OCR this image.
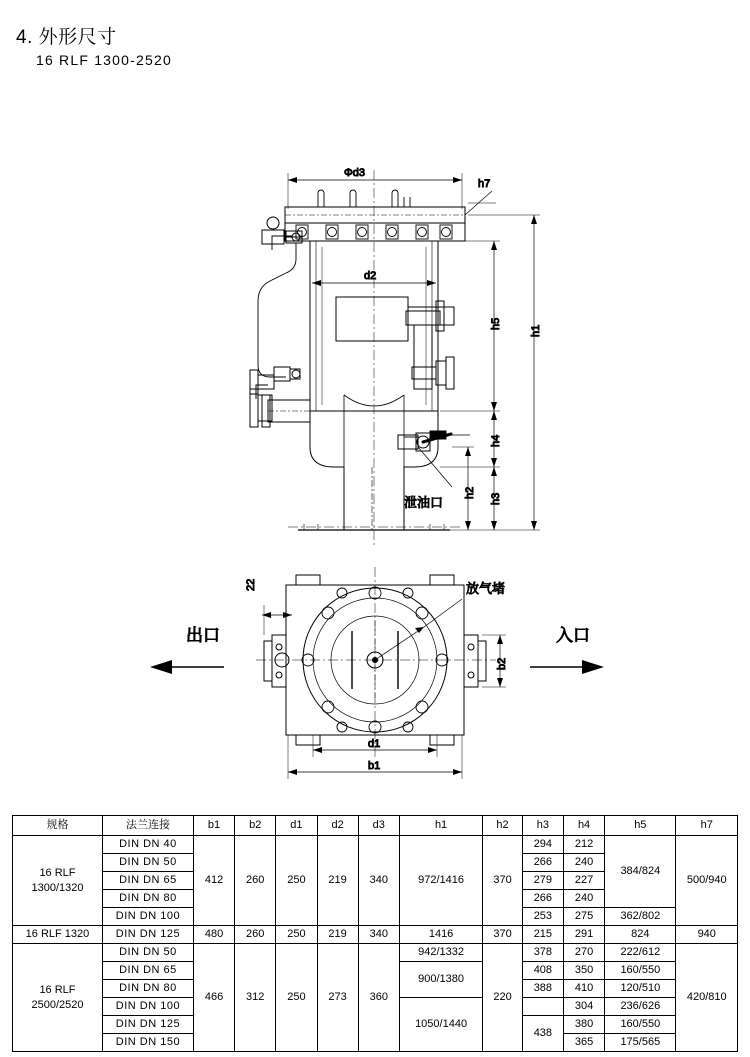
4. 外形尺寸
16 RLF 1300-2520
Φd3
h7
d2
泄油口
h5
h4
h3
h2
h1
放气堵
22
出口	入口
b2
d1
b1
规格	法兰连接	b1	b2	d1	d2	d3	h1	h2	h3	h4	h5	h7
16 RLF
1300/1320	DIN DN 40	412	260	250	219	340	972/1416	370	294	212	384/824	500/940
	DIN DN 50								266	240		
	DIN DN 65								279	227		
	DIN DN 80								266	240		
	DIN DN 100								253	275	362/802	
16 RLF 1320	DIN DN 125	480	260	250	219	340	1416	370	215	291	824	940
16 RLF
2500/2520	DIN DN 50	466	312	250	273	360	942/1332	220	378	270	222/612	420/810
	DIN DN 65						900/1380		408	350	160/550	
	DIN DN 80								388	410	120/510	
	DIN DN 100						1050/1440			304	236/626	
	DIN DN 125								438	380	160/550	
	DIN DN 150									365	175/565	
